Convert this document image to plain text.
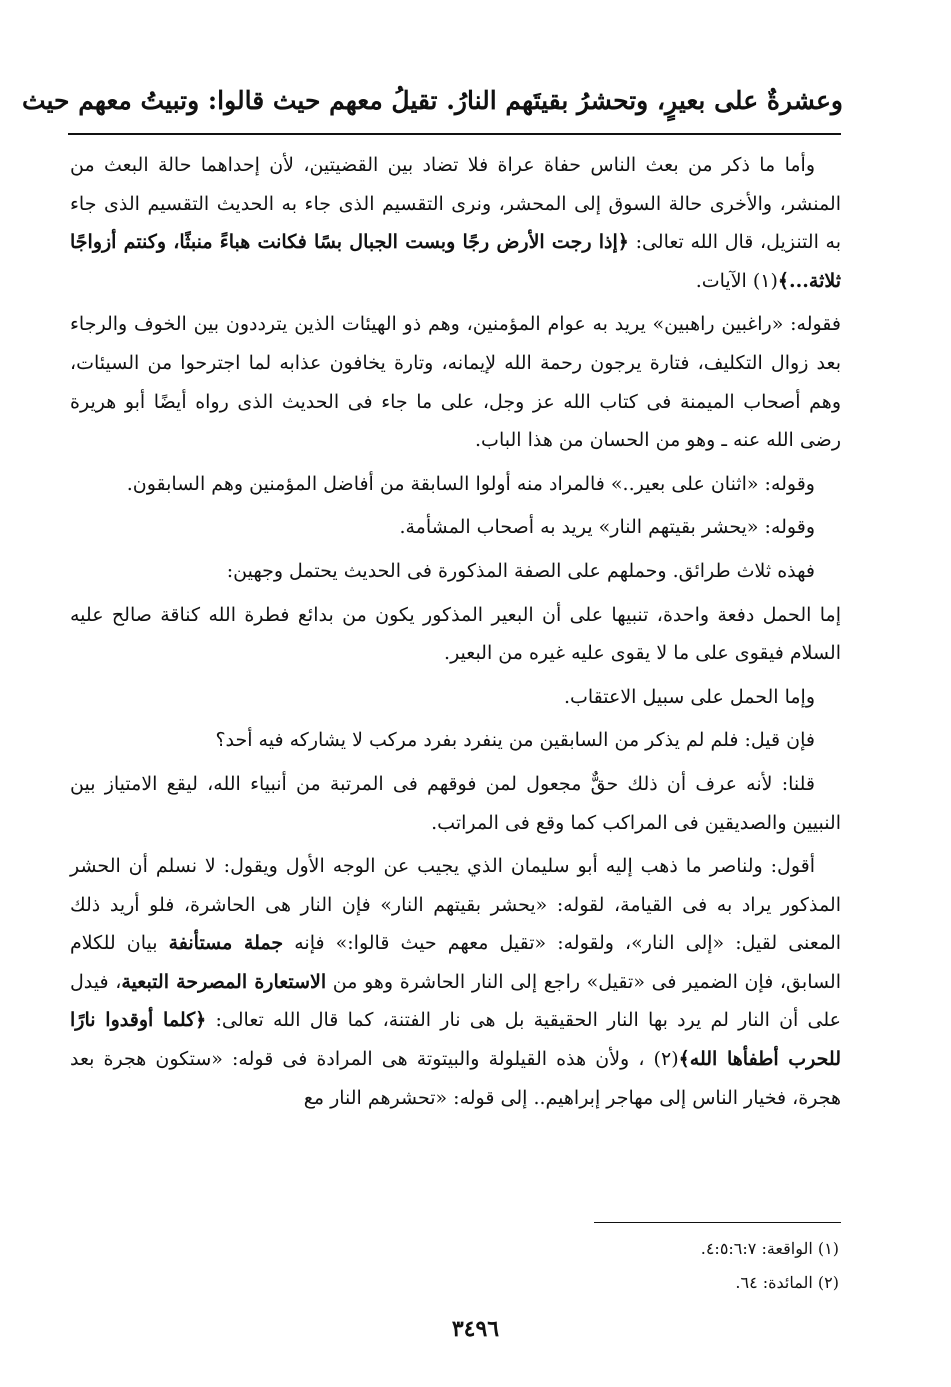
وعشرةٌ على بعيرٍ، وتحشرُ بقيتَهم النارُ. تقيلُ معهم حيث قالوا: وتبيتُ معهم حيث

وأما ما ذكر من بعث الناس حفاة عراة فلا تضاد بين القضيتين، لأن إحداهما حالة البعث من المنشر، والأخرى حالة السوق إلى المحشر، ونرى التقسيم الذى جاء به الحديث التقسيم الذى جاء به التنزيل، قال الله تعالى: ﴿إذا رجت الأرض رجًا وبست الجبال بسًا فكانت هباءً منبثًا، وكنتم أزواجًا ثلاثة...﴾(١) الآيات.

فقوله: «راغبين راهبين» يريد به عوام المؤمنين، وهم ذو الهيئات الذين يترددون بين الخوف والرجاء بعد زوال التكليف، فتارة يرجون رحمة الله لإيمانه، وتارة يخافون عذابه لما اجترحوا من السيئات، وهم أصحاب الميمنة فى كتاب الله عز وجل، على ما جاء فى الحديث الذى رواه أيضًا أبو هريرة رضى الله عنه ـ وهو من الحسان من هذا الباب.

وقوله: «اثنان على بعير..» فالمراد منه أولوا السابقة من أفاضل المؤمنين وهم السابقون.

وقوله: «يحشر بقيتهم النار» يريد به أصحاب المشأمة.

فهذه ثلاث طرائق. وحملهم على الصفة المذكورة فى الحديث يحتمل وجهين:

إما الحمل دفعة واحدة، تنبيها على أن البعير المذكور يكون من بدائع فطرة الله كناقة صالح عليه السلام فيقوى على ما لا يقوى عليه غيره من البعير.

وإما الحمل على سبيل الاعتقاب.

فإن قيل: فلم لم يذكر من السابقين من ينفرد بفرد مركب لا يشاركه فيه أحد؟

قلنا: لأنه عرف أن ذلك حقٌّ مجعول لمن فوقهم فى المرتبة من أنبياء الله، ليقع الامتياز بين النبيين والصديقين فى المراكب كما وقع فى المراتب.

أقول: ولناصر ما ذهب إليه أبو سليمان الذي يجيب عن الوجه الأول ويقول: لا نسلم أن الحشر المذكور يراد به فى القيامة، لقوله: «يحشر بقيتهم النار» فإن النار هى الحاشرة، فلو أريد ذلك المعنى لقيل: «إلى النار»، ولقوله: «تقيل معهم حيث قالوا:» فإنه جملة مستأنفة بيان للكلام السابق، فإن الضمير فى «تقيل» راجع إلى النار الحاشرة وهو من الاستعارة المصرحة التبعية، فيدل على أن النار لم يرد بها النار الحقيقية بل هى نار الفتنة، كما قال الله تعالى: ﴿كلما أوقدوا نارًا للحرب أطفأها الله﴾(٢) ، ولأن هذه القيلولة والبيتوتة هى المرادة فى قوله: «ستكون هجرة بعد هجرة، فخيار الناس إلى مهاجر إبراهيم.. إلى قوله: «تحشرهم النار مع

(١) الواقعة: ٤:٥:٦:٧.
(٢) المائدة: ٦٤.
٣٤٩٦
